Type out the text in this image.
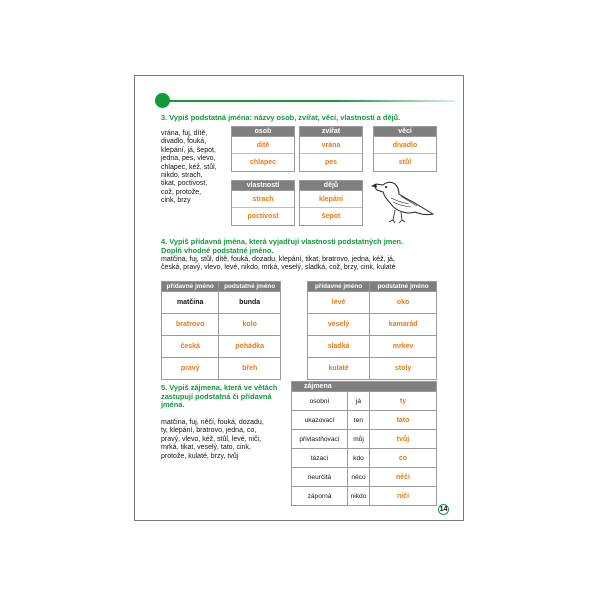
3. Vypiš podstatná jména: názvy osob, zvířat, věcí, vlastností a dějů.
vrána, fuj, dítě,
divadlo, fouká,
klepání, já, šepot,
jedna, pes, vlevo,
chlapec, kéž, stůl,
nikdo, strach,
tikat, poctivost,
což, protože,
cink, brzy
osob
dítě
chlapec
zvířat
vrána
pes
věcí
divadlo
stůl
vlastností
strach
poctivost
dějů
klepání
šepot
4. Vypiš přídavná jména, která vyjadřují vlastnosti podstatných jmen.
Doplň vhodné podstatné jméno.
matčina, fuj, stůl, dítě, fouká, dozadu, klepání, tikat, bratrovo, jedna, kéž, já,
česká, pravý, vlevo, levé, nikdo, mrká, veselý, sladká, což, brzy, cink, kulaté
přídavné jméno	podstatné jméno
matčina	bunda
bratrovo	kolo
česká	pohádka
pravý	břeh
přídavné jméno	podstatné jméno
levé	oko
veselý	kamarád
sladká	mrkev
kulaté	stoly
5. Vypiš zájmena, která ve větách
zastupují podstatná či přídavná
jména.
matčina, fuj, něčí, fouká, dozadu,
ty, klepání, bratrovo, jedna, co,
pravý, vlevo, kéž, stůl, levé, niči,
mrká, tikat, veselý, tato, cink,
protože, kulaté, brzy, tvůj
zájmena		
osobní	já	ty
ukazovací	ten	tato
přivlastňovací	můj	tvůj
tázací	kdo	co
neurčitá	něco	něčí
záporná	nikdo	niči
14
